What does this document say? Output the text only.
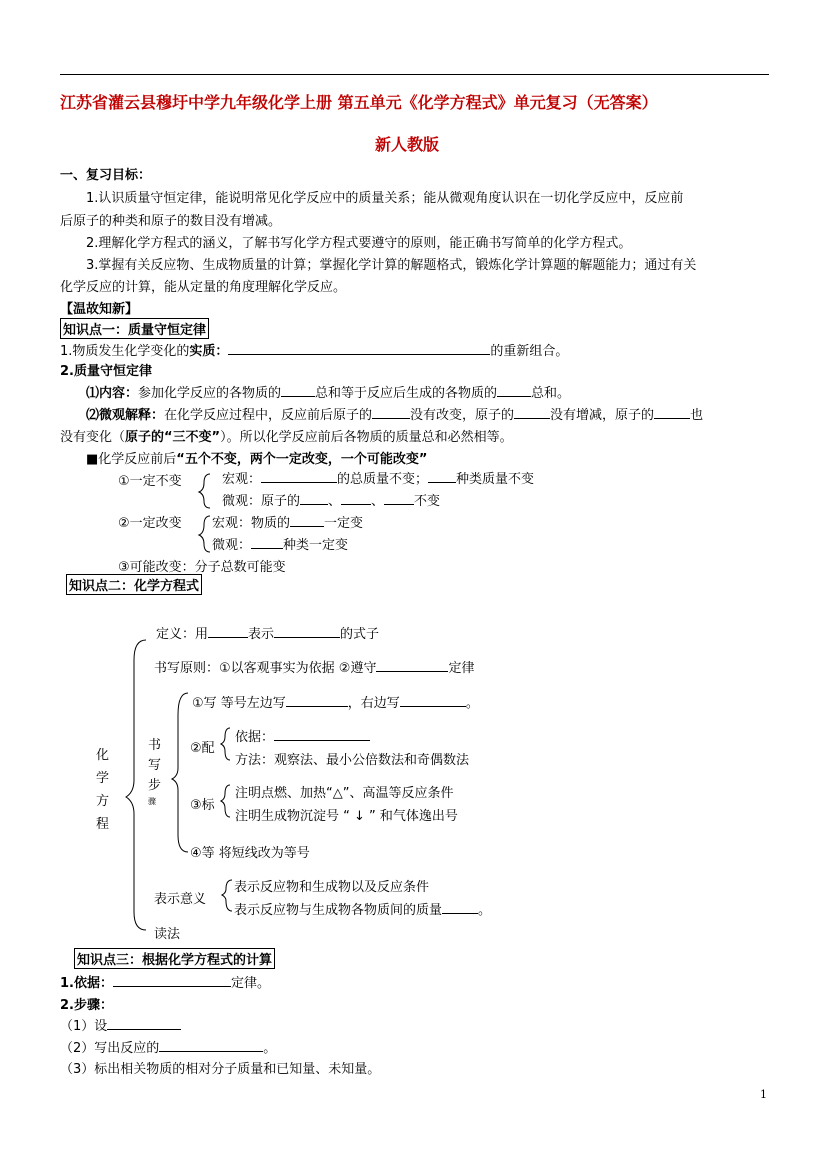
江苏省灌云县穆圩中学九年级化学上册 第五单元《化学方程式》单元复习（无答案）
新人教版
一、复习目标：
1.认识质量守恒定律，能说明常见化学反应中的质量关系；能从微观角度认识在一切化学反应中，反应前
后原子的种类和原子的数目没有增减。
2.理解化学方程式的涵义，了解书写化学方程式要遵守的原则，能正确书写简单的化学方程式。
3.掌握有关反应物、生成物质量的计算；掌握化学计算的解题格式，锻炼化学计算题的解题能力；通过有关
化学反应的计算，能从定量的角度理解化学反应。
【温故知新】
知识点一：质量守恒定律
1.物质发生化学变化的实质：	的重新组合。
2.质量守恒定律
⑴内容：参加化学反应的各物质的	总和等于反应后生成的各物质的	总和。
⑵微观解释：在化学反应过程中，反应前后原子的	没有改变，原子的	没有增减，原子的	也
没有变化（原子的“三不变”）。所以化学反应前后各物质的质量总和必然相等。
■化学反应前后“五个不变，两个一定改变，一个可能改变”
①一定不变	宏观：	的总质量不变； 种类质量不变
微观：原子的 、 、 不变
②一定改变 宏观：物质的	一定变
微观： 种类一定变
③可能改变：分子总数可能变
知识点二：化学方程式
定义：用	表示	的式子
书写原则：①以客观事实为依据 ②遵守	定律
化
学
方
程
书
写
步
骤
①写 等号左边写	，右边写	。
②配
依据：
方法：观察法、最小公倍数法和奇偶数法
③标
注明点燃、加热“△”、高温等反应条件
注明生成物沉淀号 “ ↓ ” 和气体逸出号
④等 将短线改为等号
表示意义
表示反应物和生成物以及反应条件
表示反应物与生成物各物质间的质量	。
读法
知识点三：根据化学方程式的计算
1.依据：	定律。
2.步骤：
（1）设
（2）写出反应的	。
（3）标出相关物质的相对分子质量和已知量、未知量。
1
